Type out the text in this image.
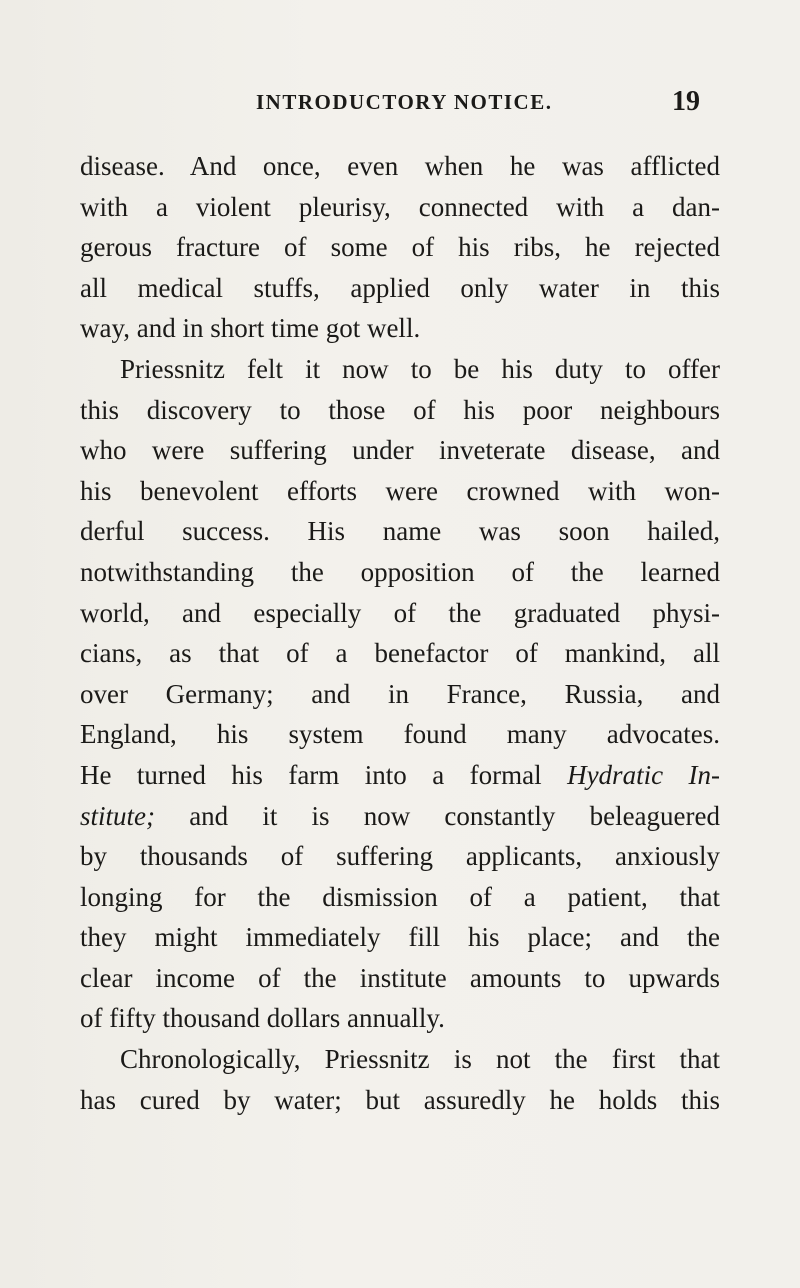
INTRODUCTORY NOTICE.	19
disease. And once, even when he was afflicted
with a violent pleurisy, connected with a dan-
gerous fracture of some of his ribs, he rejected
all medical stuffs, applied only water in this
way, and in short time got well.
Priessnitz felt it now to be his duty to offer
this discovery to those of his poor neighbours
who were suffering under inveterate disease, and
his benevolent efforts were crowned with won-
derful success. His name was soon hailed,
notwithstanding the opposition of the learned
world, and especially of the graduated physi-
cians, as that of a benefactor of mankind, all
over Germany; and in France, Russia, and
England, his system found many advocates.
He turned his farm into a formal Hydratic In-
stitute; and it is now constantly beleaguered
by thousands of suffering applicants, anxiously
longing for the dismission of a patient, that
they might immediately fill his place; and the
clear income of the institute amounts to upwards
of fifty thousand dollars annually.
Chronologically, Priessnitz is not the first that
has cured by water; but assuredly he holds this
